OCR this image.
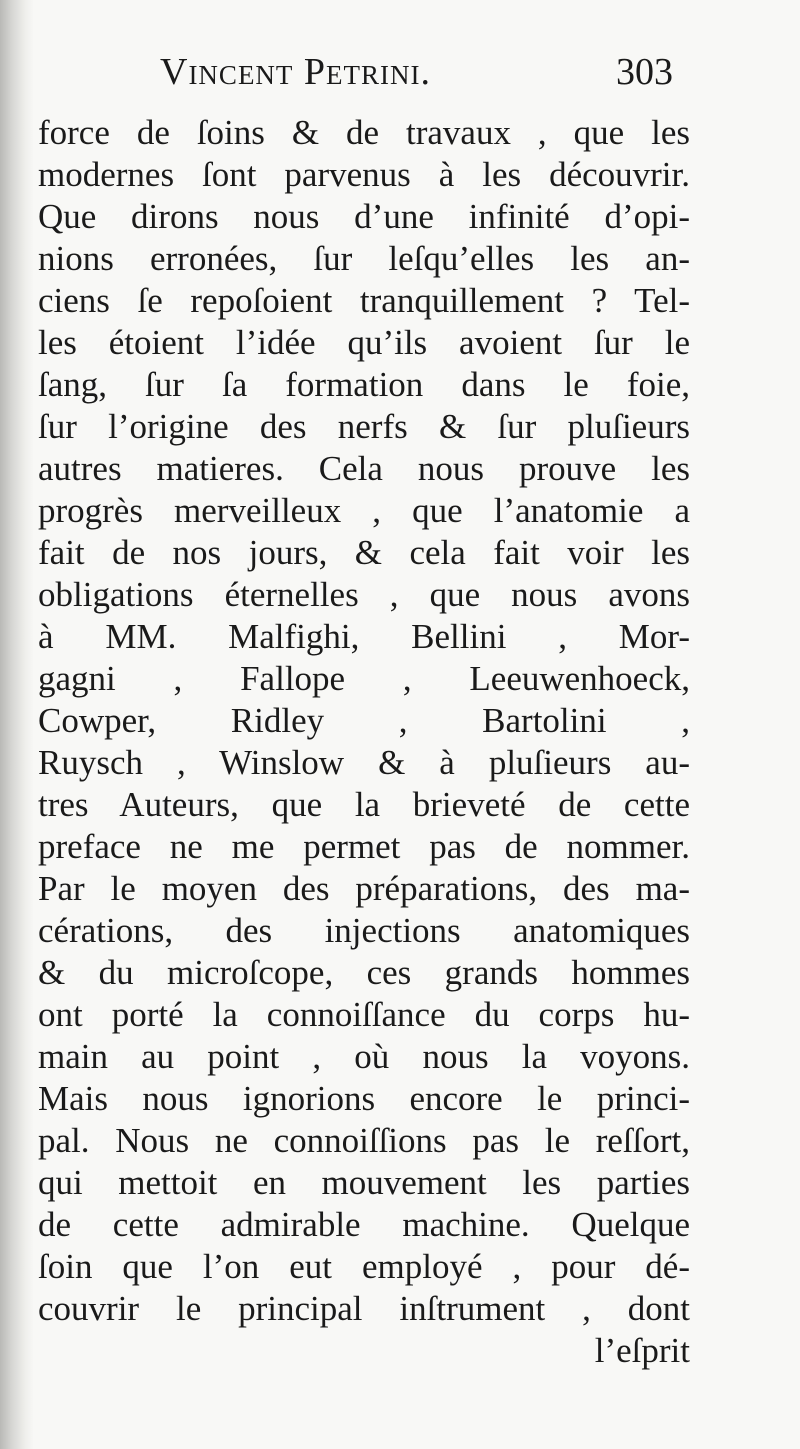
Vincent Petrini.	303
force de ſoins & de travaux , que les
modernes ſont parvenus à les découvrir.
Que dirons nous d’une infinité d’opi-
nions erronées, ſur leſqu’elles les an-
ciens ſe repoſoient tranquillement ? Tel-
les étoient l’idée qu’ils avoient ſur le
ſang, ſur ſa formation dans le foie,
ſur l’origine des nerfs & ſur pluſieurs
autres matieres. Cela nous prouve les
progrès merveilleux , que l’anatomie a
fait de nos jours, & cela fait voir les
obligations éternelles , que nous avons
à MM. Malfighi, Bellini , Mor-
gagni , Fallope , Leeuwenhoeck,
Cowper, Ridley , Bartolini ,
Ruysch , Winslow & à pluſieurs au-
tres Auteurs, que la brieveté de cette
preface ne me permet pas de nommer.
Par le moyen des préparations, des ma-
cérations, des injections anatomiques
& du microſcope, ces grands hommes
ont porté la connoiſſance du corps hu-
main au point , où nous la voyons.
Mais nous ignorions encore le princi-
pal. Nous ne connoiſſions pas le reſſort,
qui mettoit en mouvement les parties
de cette admirable machine. Quelque
ſoin que l’on eut employé , pour dé-
couvrir le principal inſtrument , dont
l’eſprit
